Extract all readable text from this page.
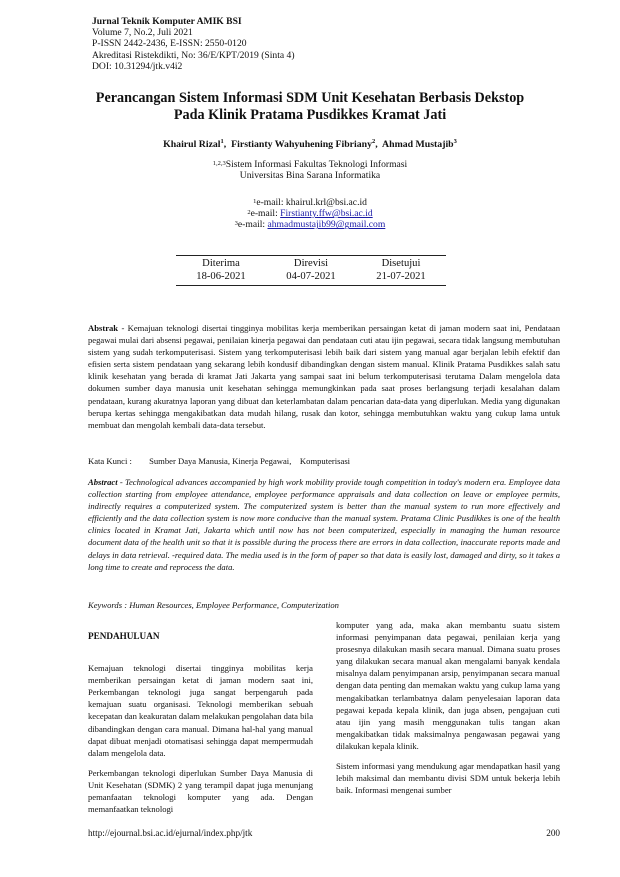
Jurnal Teknik Komputer AMIK BSI
Volume 7, No.2, Juli 2021
P-ISSN 2442-2436, E-ISSN: 2550-0120
Akreditasi Ristekdikti, No: 36/E/KPT/2019 (Sinta 4)
DOI: 10.31294/jtk.v4i2
Perancangan Sistem Informasi SDM Unit Kesehatan Berbasis Dekstop
Pada Klinik Pratama Pusdikkes Kramat Jati
Khairul Rizal$^1$,  Firstianty Wahyuhening Fibriany$^2$,  Ahmad Mustajib$^3$
$^{1,2,3}$Sistem Informasi Fakultas Teknologi Informasi
Universitas Bina Sarana Informatika
$^1$e-mail: khairul.krl@bsi.ac.id
$^2$e-mail: Firstianty.ffw@bsi.ac.id
$^3$e-mail: ahmadmustajib99@gmail.com
Diterima	Direvisi	Disetujui
18-06-2021	04-07-2021	21-07-2021
Abstrak - Kemajuan teknologi disertai tingginya mobilitas kerja memberikan persaingan ketat di jaman modern saat ini, Pendataan pegawai mulai dari absensi pegawai, penilaian kinerja pegawai dan pendataan cuti atau ijin pegawai, secara tidak langsung membutuhan sistem yang sudah terkomputerisasi. Sistem yang terkomputerisasi lebih baik dari sistem yang manual agar berjalan lebih efektif dan efisien serta sistem pendataan yang sekarang lebih kondusif dibandingkan dengan sistem manual. Klinik Pratama Pusdikkes salah satu klinik kesehatan yang berada di kramat Jati Jakarta yang sampai saat ini belum terkomputerisasi terutama Dalam mengelola data dokumen sumber daya manusia unit kesehatan sehingga memungkinkan pada saat proses berlangsung terjadi kesalahan dalam pendataan, kurang akuratnya laporan yang dibuat dan keterlambatan dalam pencarian data-data yang diperlukan. Media yang digunakan berupa kertas sehingga mengakibatkan data mudah hilang, rusak dan kotor, sehingga membutuhkan waktu yang cukup lama untuk membuat dan mengolah kembali data-data tersebut.
Kata Kunci : Sumber Daya Manusia, Kinerja Pegawai,    Komputerisasi
Abstract - Technological advances accompanied by high work mobility provide tough competition in today's modern era. Employee data collection starting from employee attendance, employee performance appraisals and data collection on leave or employee permits, indirectly requires a computerized system. The computerized system is better than the manual system to run more effectively and efficiently and the data collection system is now more conducive than the manual system. Pratama Clinic Pusdikkes is one of the health clinics located in Kramat Jati, Jakarta which until now has not been computerized, especially in managing the human resource document data of the health unit so that it is possible during the process there are errors in data collection, inaccurate reports made and delays in data retrieval. -required data. The media used is in the form of paper so that data is easily lost, damaged and dirty, so it takes a long time to create and reprocess the data.
Keywords : Human Resources, Employee Performance, Computerization
PENDAHULUAN

Kemajuan teknologi disertai tingginya mobilitas kerja memberikan persaingan ketat di jaman modern saat ini, Perkembangan teknologi juga sangat berpengaruh pada kemajuan suatu organisasi. Teknologi memberikan sebuah kecepatan dan keakuratan dalam melakukan pengolahan data bila dibandingkan dengan cara manual. Dimana hal-hal yang manual dapat dibuat menjadi otomatisasi sehingga dapat mempermudah dalam mengelola data.

Perkembangan teknologi diperlukan Sumber Daya Manusia di Unit Kesehatan (SDMK) 2 yang terampil dapat juga menunjang pemanfaatan teknologi komputer yang ada. Dengan memanfaatkan teknologi

komputer yang ada, maka akan membantu suatu sistem informasi penyimpanan data pegawai, penilaian kerja yang prosesnya dilakukan masih secara manual. Dimana suatu proses yang dilakukan secara manual akan mengalami banyak kendala misalnya dalam penyimpanan arsip, penyimpanan secara manual dengan data penting dan memakan waktu yang cukup lama yang mengakibatkan terlambatnya dalam penyelesaian laporan data pegawai kepada kepala klinik, dan juga absen, pengajuan cuti atau ijin yang masih menggunakan tulis tangan akan mengakibatkan tidak maksimalnya pengawasan pegawai yang dilakukan kepala klinik.

Sistem informasi yang mendukung agar mendapatkan hasil yang lebih maksimal dan membantu divisi SDM untuk bekerja lebih baik. Informasi mengenai sumber

http://ejournal.bsi.ac.id/ejurnal/index.php/jtk	200
